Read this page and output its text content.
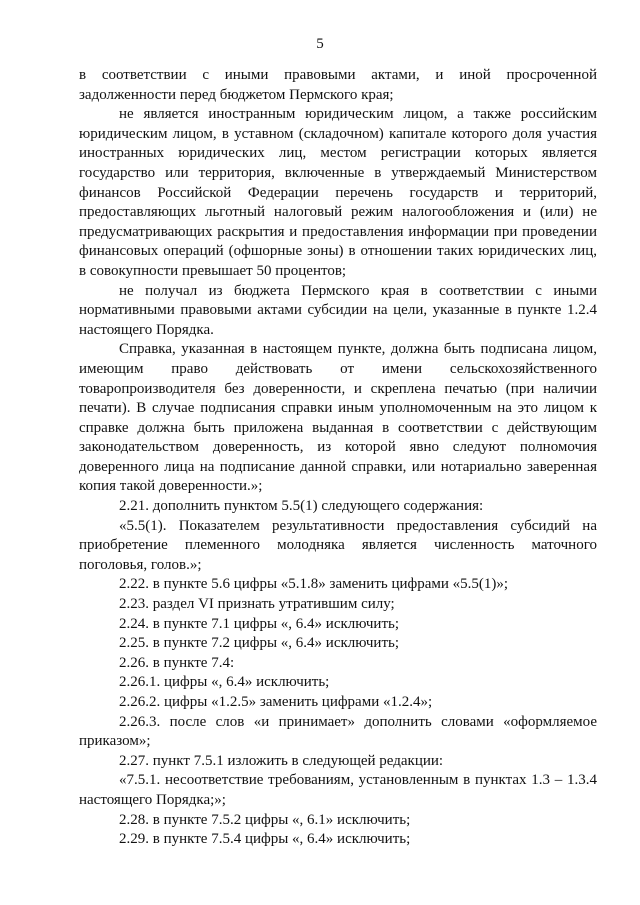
5

в соответствии с иными правовыми актами, и иной просроченной задолженности перед бюджетом Пермского края;

не является иностранным юридическим лицом, а также российским юридическим лицом, в уставном (складочном) капитале которого доля участия иностранных юридических лиц, местом регистрации которых является государство или территория, включенные в утверждаемый Министерством финансов Российской Федерации перечень государств и территорий, предоставляющих льготный налоговый режим налогообложения и (или) не предусматривающих раскрытия и предоставления информации при проведении финансовых операций (офшорные зоны) в отношении таких юридических лиц, в совокупности превышает 50 процентов;

не получал из бюджета Пермского края в соответствии с иными нормативными правовыми актами субсидии на цели, указанные в пункте 1.2.4 настоящего Порядка.

Справка, указанная в настоящем пункте, должна быть подписана лицом, имеющим право действовать от имени сельскохозяйственного товаропроизводителя без доверенности, и скреплена печатью (при наличии печати). В случае подписания справки иным уполномоченным на это лицом к справке должна быть приложена выданная в соответствии с действующим законодательством доверенность, из которой явно следуют полномочия доверенного лица на подписание данной справки, или нотариально заверенная копия такой доверенности.»;

2.21. дополнить пунктом 5.5(1) следующего содержания:

«5.5(1). Показателем результативности предоставления субсидий на приобретение племенного молодняка является численность маточного поголовья, голов.»;

2.22. в пункте 5.6 цифры «5.1.8» заменить цифрами «5.5(1)»;

2.23. раздел VI признать утратившим силу;

2.24. в пункте 7.1 цифры «, 6.4» исключить;

2.25. в пункте 7.2 цифры «, 6.4» исключить;

2.26. в пункте 7.4:

2.26.1. цифры «, 6.4» исключить;

2.26.2. цифры «1.2.5» заменить цифрами «1.2.4»;

2.26.3. после слов «и принимает» дополнить словами «оформляемое приказом»;

2.27. пункт 7.5.1 изложить в следующей редакции:

«7.5.1. несоответствие требованиям, установленным в пунктах 1.3 – 1.3.4 настоящего Порядка;»;

2.28. в пункте 7.5.2 цифры «, 6.1» исключить;

2.29. в пункте 7.5.4 цифры «, 6.4» исключить;
